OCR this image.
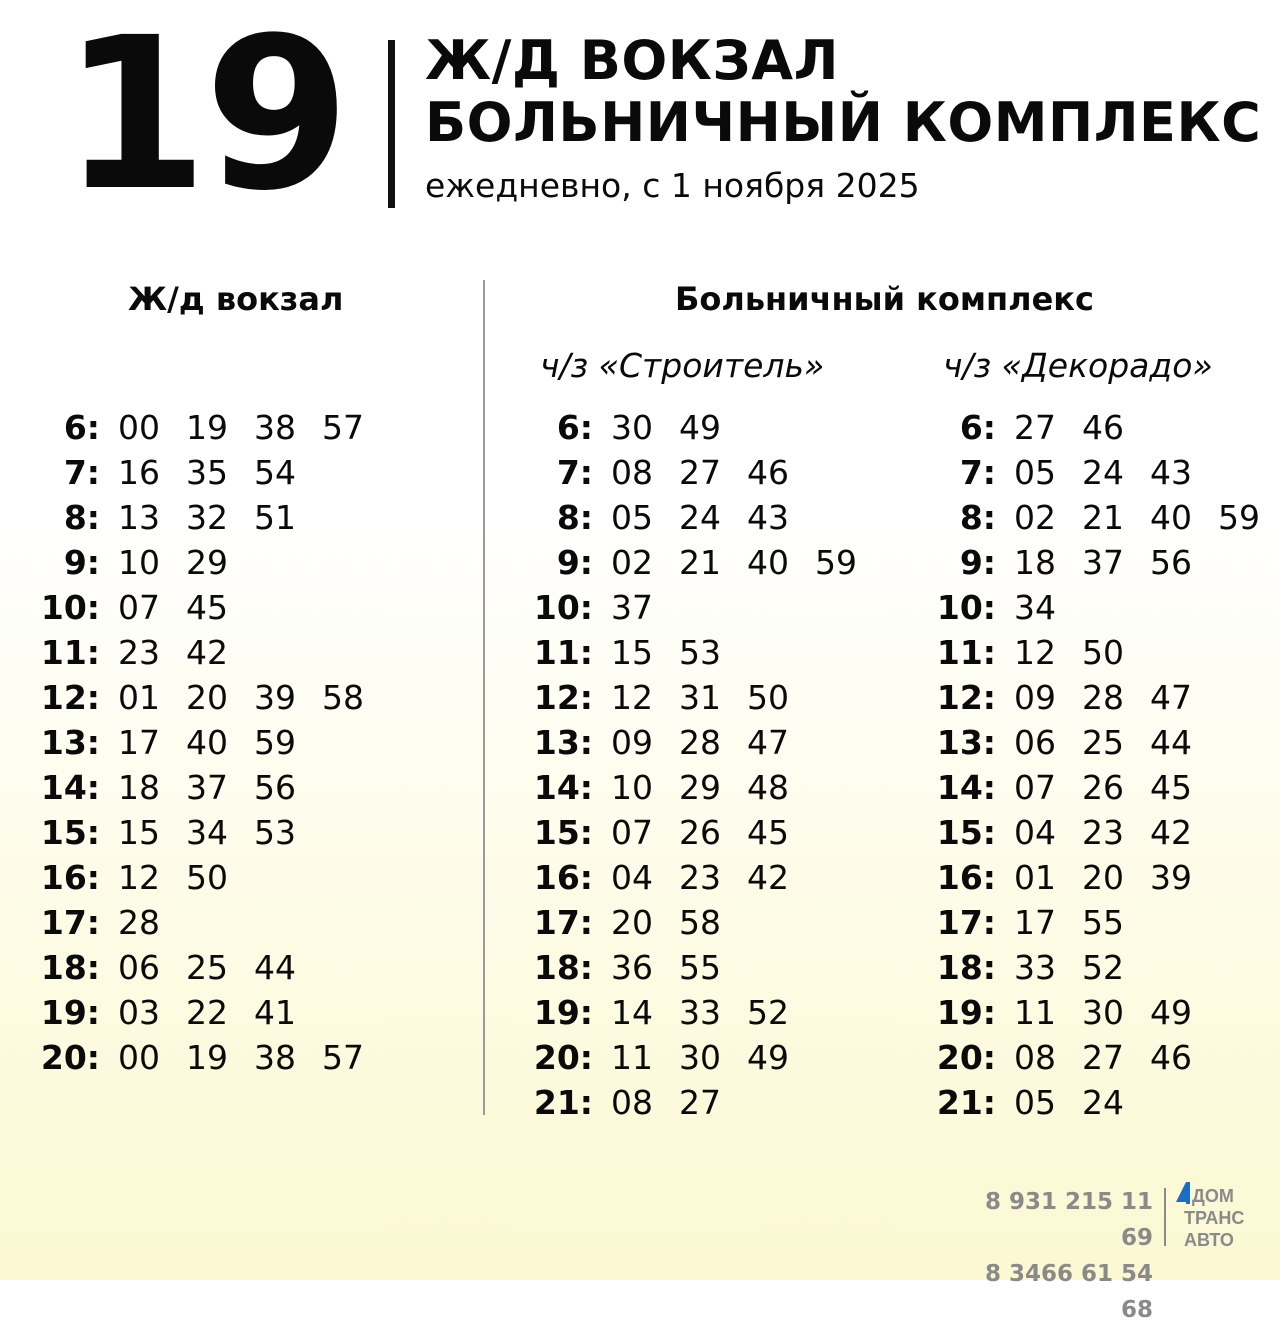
19 Ж/Д ВОКЗАЛ
БОЛЬНИЧНЫЙ КОМПЛЕКС
ежедневно, с 1 ноября 2025
Ж/д вокзал	Больничный комплекс
ч/з «Строитель»	ч/з «Декорадо»
6: 00 19 38 57
7: 16 35 54
8: 13 32 51
9: 10 29
10: 07 45
11: 23 42
12: 01 20 39 58
13: 17 40 59
14: 18 37 56
15: 15 34 53
16: 12 50
17: 28
18: 06 25 44
19: 03 22 41
20: 00 19 38 57
6: 30 49
7: 08 27 46
8: 05 24 43
9: 02 21 40 59
10: 37
11: 15 53
12: 12 31 50
13: 09 28 47
14: 10 29 48
15: 07 26 45
16: 04 23 42
17: 20 58
18: 36 55
19: 14 33 52
20: 11 30 49
21: 08 27
6: 27 46
7: 05 24 43
8: 02 21 40 59
9: 18 37 56
10: 34
11: 12 50
12: 09 28 47
13: 06 25 44
14: 07 26 45
15: 04 23 42
16: 01 20 39
17: 17 55
18: 33 52
19: 11 30 49
20: 08 27 46
21: 05 24
8 931 215 11 69
8 3466 61 54 68
ДОМ
ТРАНС
АВТО
